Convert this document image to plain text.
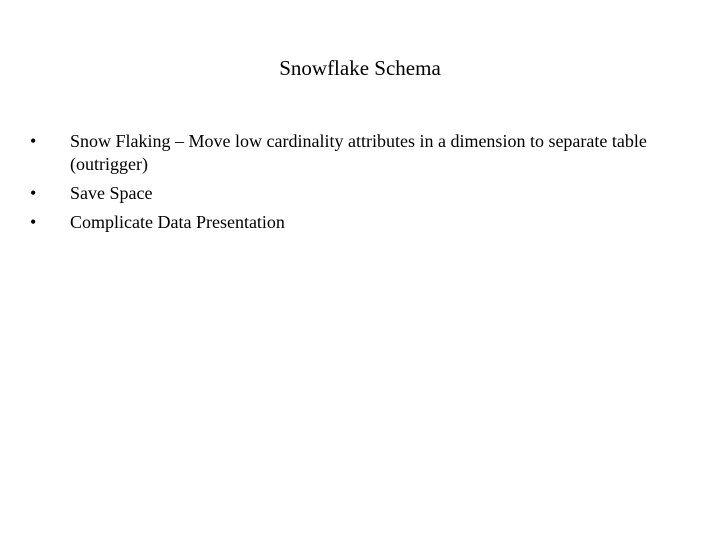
Snowflake Schema
•	Snow Flaking – Move low cardinality attributes in a dimension to separate table (outrigger)
•	Save Space
•	Complicate Data Presentation
